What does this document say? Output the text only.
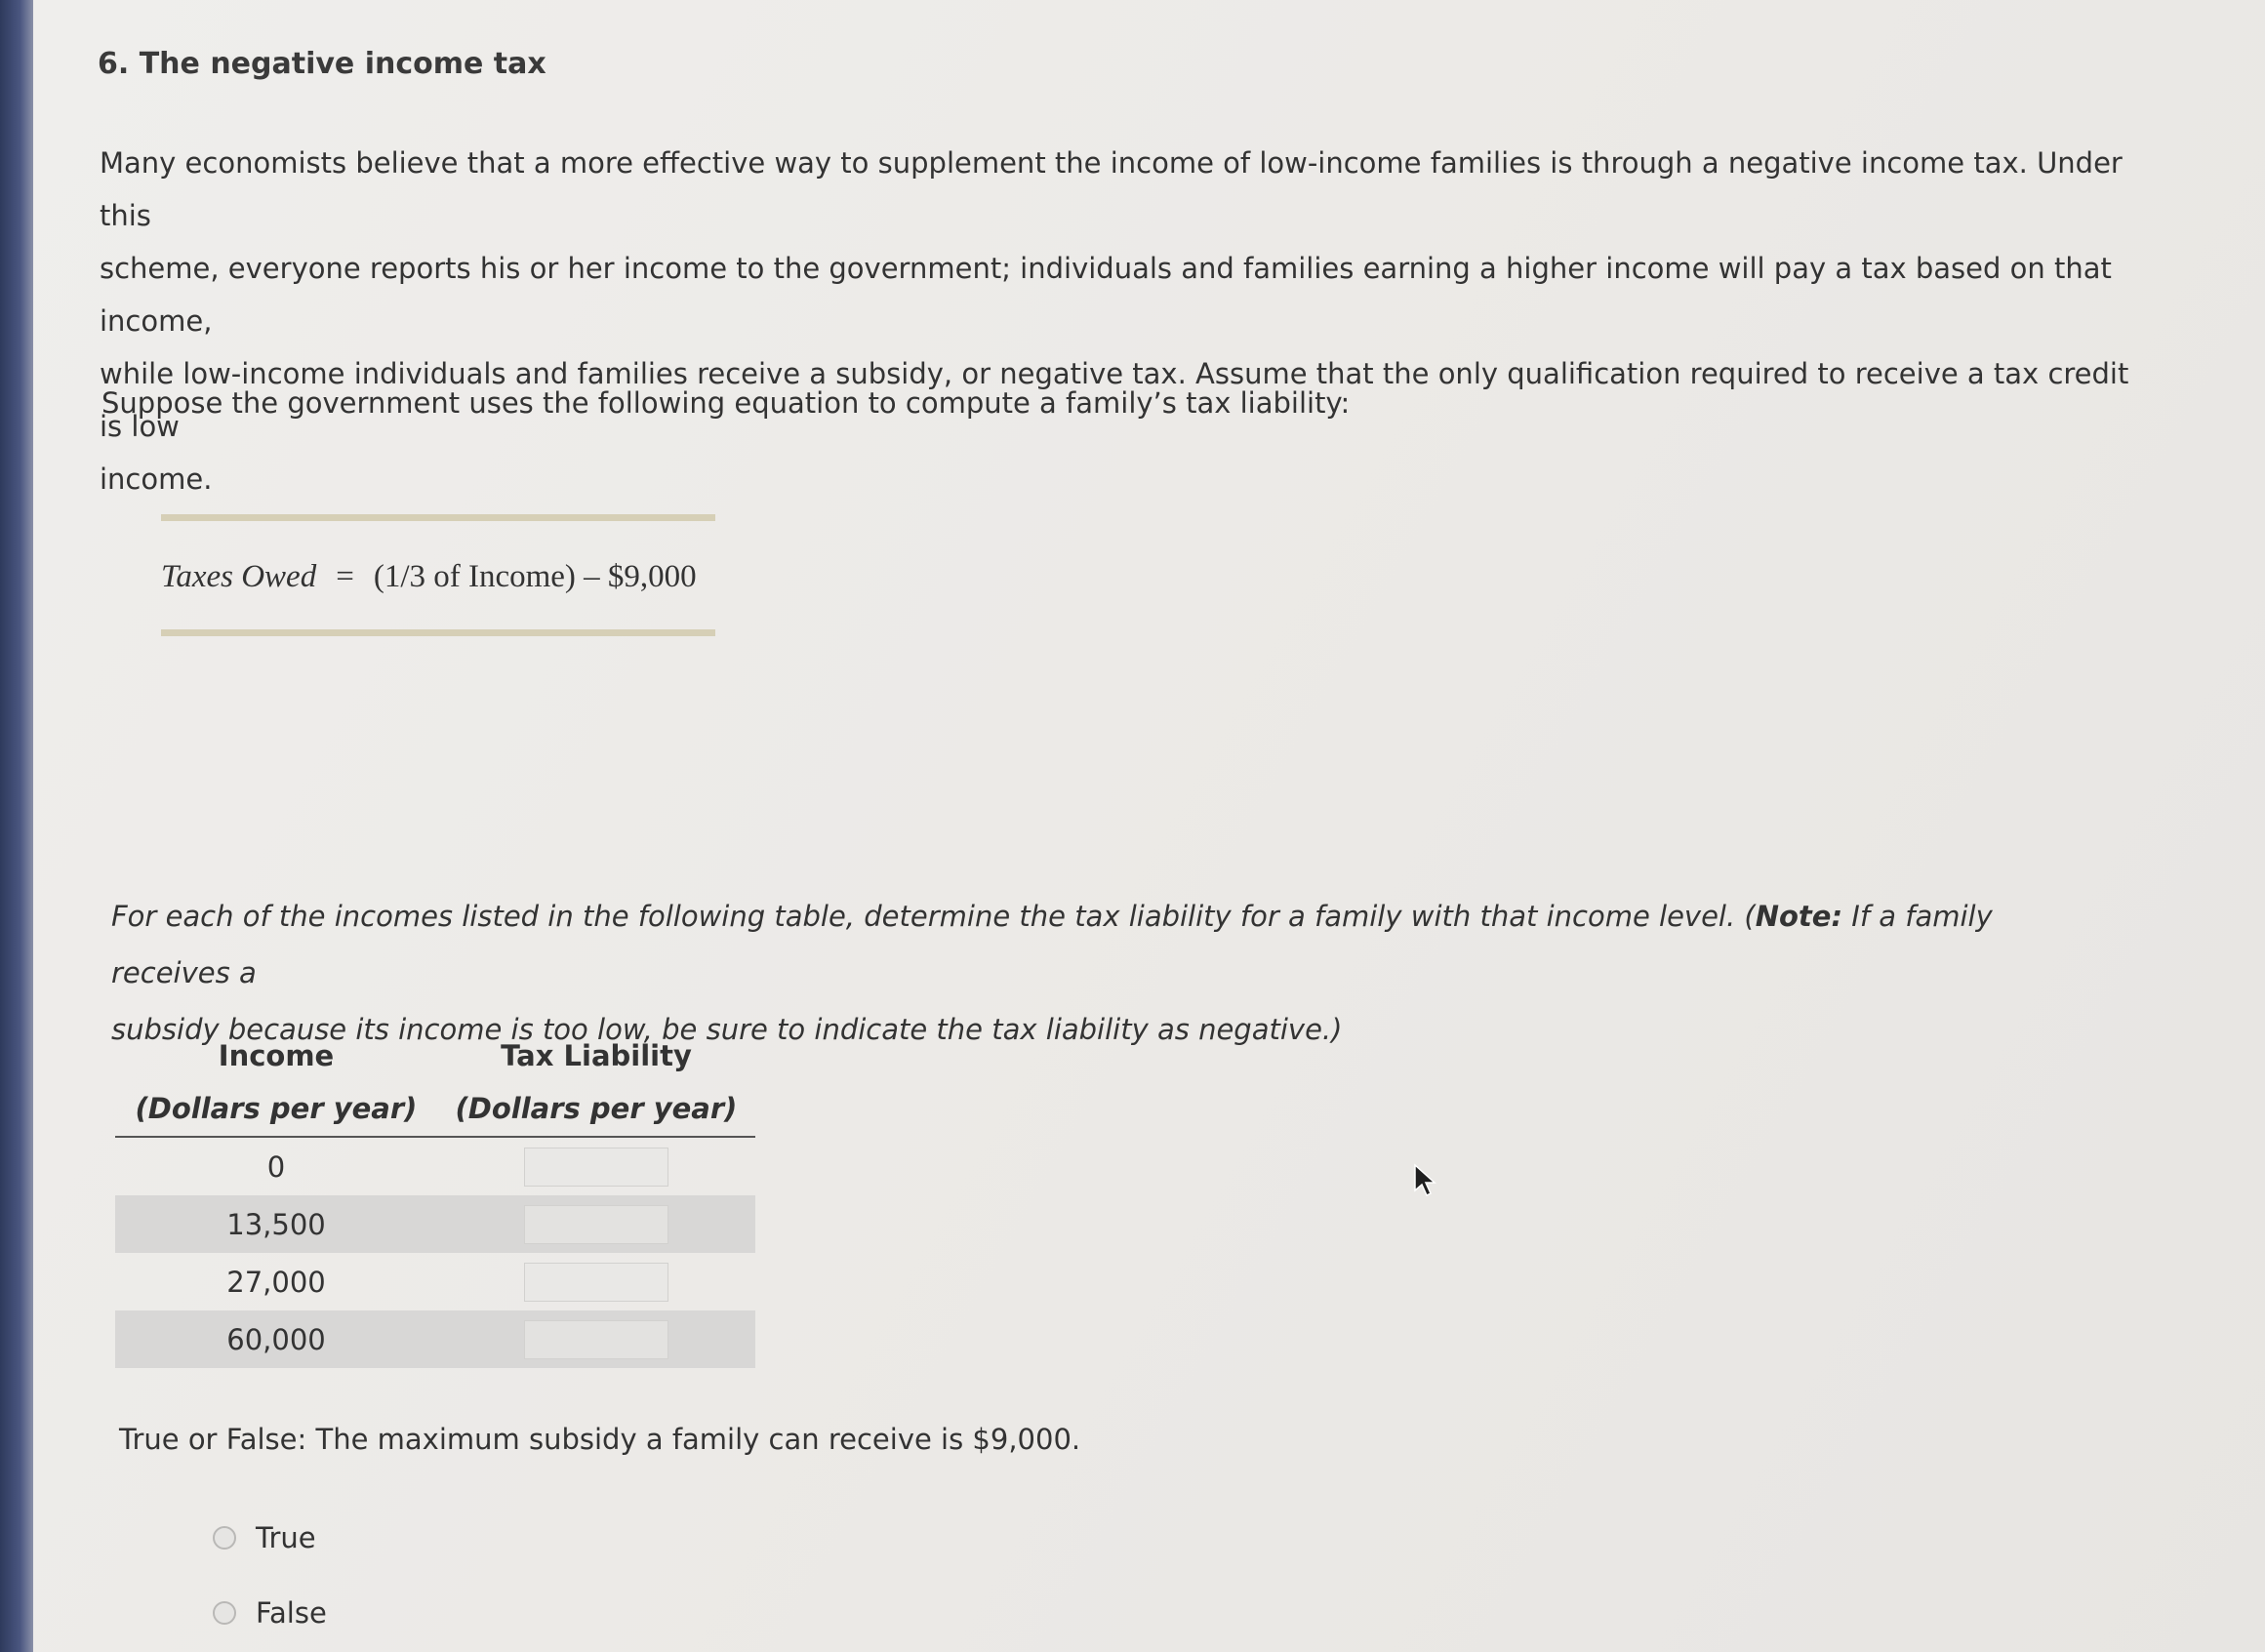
6. The negative income tax
Many economists believe that a more effective way to supplement the income of low-income families is through a negative income tax. Under this
scheme, everyone reports his or her income to the government; individuals and families earning a higher income will pay a tax based on that income,
while low-income individuals and families receive a subsidy, or negative tax. Assume that the only qualification required to receive a tax credit is low
income.
Suppose the government uses the following equation to compute a family’s tax liability:
Taxes Owed = (1/3 of Income) – $9,000
For each of the incomes listed in the following table, determine the tax liability for a family with that income level. (Note: If a family receives a
subsidy because its income is too low, be sure to indicate the tax liability as negative.)
Income	Tax Liability
(Dollars per year)	(Dollars per year)
0
13,500
27,000
60,000
True or False: The maximum subsidy a family can receive is $9,000.
True
False
